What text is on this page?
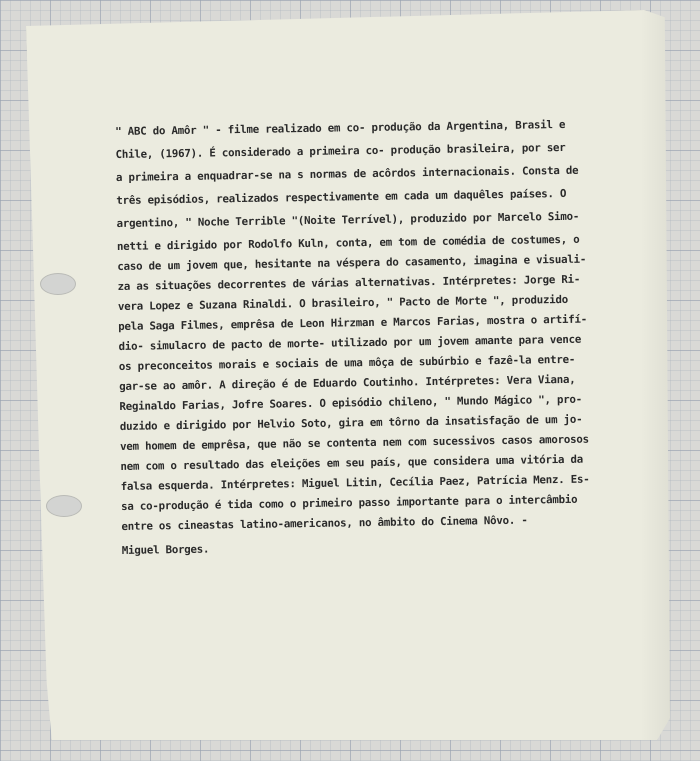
" ABC do Amôr " - filme realizado em co- produção da Argentina, Brasil e
Chile, (1967). É considerado a primeira co- produção brasileira, por ser
a primeira a enquadrar-se na s normas de acôrdos internacionais. Consta de
três episódios, realizados respectivamente em cada um daquêles países. O
argentino, " Noche Terrible "(Noite Terrível), produzido por Marcelo Simo-
netti e dirigido por Rodolfo Kuln, conta, em tom de comédia de costumes, o
caso de um jovem que, hesitante na véspera do casamento, imagina e visuali-
za as situações decorrentes de várias alternativas. Intérpretes: Jorge Ri-
vera Lopez e Suzana Rinaldi. O brasileiro, " Pacto de Morte ", produzido
pela Saga Filmes, emprêsa de Leon Hirzman e Marcos Farias, mostra o artifí-
dio- simulacro de pacto de morte- utilizado por um jovem amante para vence
os preconceitos morais e sociais de uma môça de subúrbio e fazê-la entre-
gar-se ao amôr. A direção é de Eduardo Coutinho. Intérpretes: Vera Viana,
Reginaldo Farias, Jofre Soares. O episódio chileno, " Mundo Mágico ", pro-
duzido e dirigido por Helvio Soto, gira em tôrno da insatisfação de um jo-
vem homem de emprêsa, que não se contenta nem com sucessivos casos amorosos
nem com o resultado das eleições em seu país, que considera uma vitória da
falsa esquerda. Intérpretes: Miguel Litin, Cecília Paez, Patrícia Menz. Es-
sa co-produção é tida como o primeiro passo importante para o intercâmbio
entre os cineastas latino-americanos, no âmbito do Cinema Nôvo. -
Miguel Borges.
